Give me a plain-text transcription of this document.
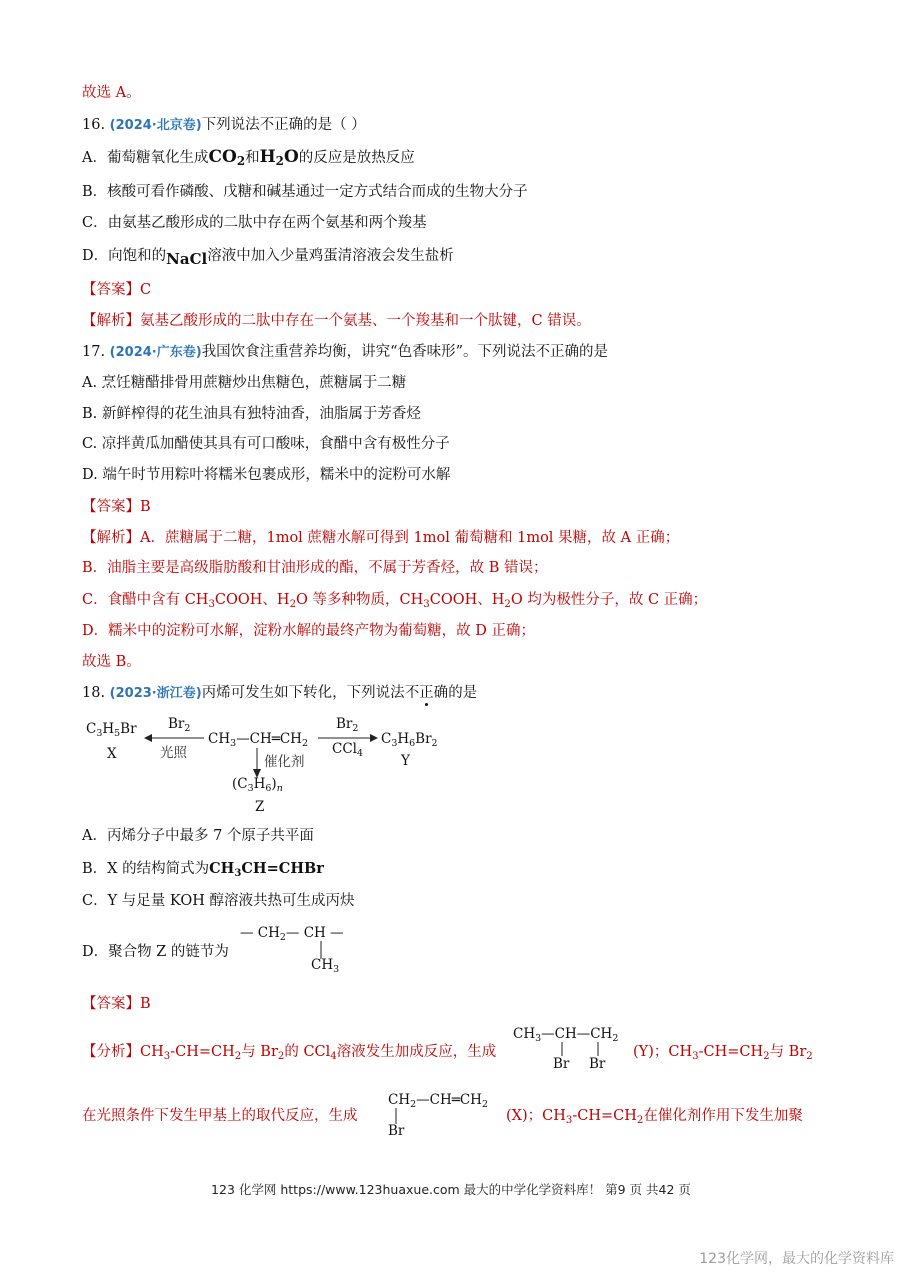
故选 A。
16. (2024·北京卷)下列说法不正确的是（ ）
A．葡萄糖氧化生成$CO_2$和$H_2O$的反应是放热反应
B．核酸可看作磷酸、戊糖和碱基通过一定方式结合而成的生物大分子
C．由氨基乙酸形成的二肽中存在两个氨基和两个羧基
D．向饱和的NaCl溶液中加入少量鸡蛋清溶液会发生盐析
【答案】C
【解析】氨基乙酸形成的二肽中存在一个氨基、一个羧基和一个肽键，C 错误。
17. (2024·广东卷)我国饮食注重营养均衡，讲究“色香味形”。下列说法不正确的是
A. 烹饪糖醋排骨用蔗糖炒出焦糖色，蔗糖属于二糖
B. 新鲜榨得的花生油具有独特油香，油脂属于芳香烃
C. 凉拌黄瓜加醋使其具有可口酸味，食醋中含有极性分子
D. 端午时节用粽叶将糯米包裹成形，糯米中的淀粉可水解
【答案】B
【解析】A．蔗糖属于二糖，1mol 蔗糖水解可得到 1mol 葡萄糖和 1mol 果糖，故 A 正确；
B．油脂主要是高级脂肪酸和甘油形成的酯，不属于芳香烃，故 B 错误；
C．食醋中含有 $CH_3COOH$、$H_2O$ 等多种物质，$CH_3COOH$、$H_2O$ 均为极性分子，故 C 正确；
D．糯米中的淀粉可水解，淀粉水解的最终产物为葡萄糖，故 D 正确；
故选 B。
18. (2023·浙江卷)丙烯可发生如下转化，下列说法不正确的是
$C_3H_5Br$
X
$Br_2$
光照
$CH_3—CH═CH_2$
$Br_2$
CCl$_4$
$C_3H_6Br_2$
Y
催化剂
$(C_3H_6)_n$
Z
A．丙烯分子中最多 7 个原子共平面
B．X 的结构简式为$CH_3CH=CHBr$
C．Y 与足量 KOH 醇溶液共热可生成丙炔
D．聚合物 Z 的链节为
— $CH_2—$ CH —
$CH_3$
【答案】B
【分析】$CH_3-CH=CH_2$与 $Br_2$的 CCl$_4$溶液发生加成反应，生成
$CH_3—CH—CH_2$
Br Br
(Y)；$CH_3-CH=CH_2$与 $Br_2$
在光照条件下发生甲基上的取代反应，生成
$CH_2—CH═CH_2$
Br
(X)；$CH_3-CH=CH_2$在催化剂作用下发生加聚
123 化学网 https://www.123huaxue.com 最大的中学化学资料库！ 第9 页 共42 页
123化学网，最大的化学资料库
